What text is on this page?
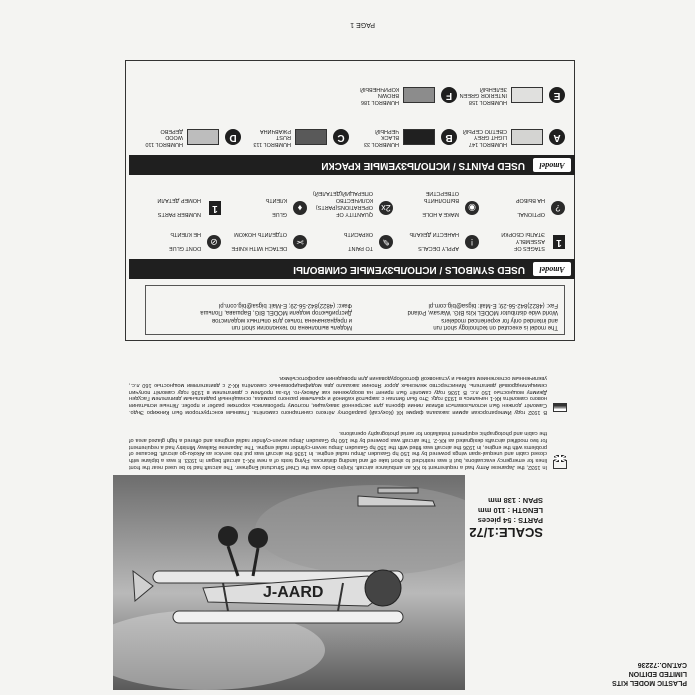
J-AARD
PLASTIC MODEL KITS
LIMITED EDITION
CAT.NO.:72236
SCALE:1/72
PARTS : 54 pieces
LENGTH : 110 mm
SPAN : 138 mm
In 1932, the Japanese Army had a requirement to KK an ambulance aircraft. Kinjiro Endo was the Chief Structural Engineer. The aircraft had to be used near the front lines for emergency evacuations, but it was restricted to short take off and landing distances. Flying tests of a new KK-1 aircraft began in 1933. It was a biplane with closed cabin and unequal-span wings powered by the 150 hp Gasuden Jimpu radial engine. In 1936 the aircraft was put into service as Aikoku-go aircraft. Because of problems with the engine, in 1936 the aircraft was fitted with the 150 hp Gasuden Jimpu seven-cylinder radial engine. The Japanese Railway Ministry had a requirement for two modified aircrafts designated as KK-2. The aircraft was powered by the 160 hp Gasuden Jimpu seven-cylinder radial engines and offered a high glazed area of the cabin and photographic equipment installation for aerial photography operations.
В 1932 году Императорская армия заказала фирме КК (Кокусай) разработку лёгкого санитарного самолёта. Главным конструктором был Кинжиро Эндо. Самолёт должен был использоваться вблизи линии фронта для экстренной эвакуации, поэтому требовались короткие разбег и пробег. Лётные испытания нового самолёта КК-1 начались в 1933 году. Это был биплан с закрытой кабиной и крыльями разного размаха, оснащённый радиальным двигателем Гасуден Джимпу мощностью 150 л.с. В 1936 году самолёт был принят на вооружение как Айкоку-го. Из-за проблем с двигателем в 1936 году самолёт получил семицилиндровый двигатель. Министерство железных дорог Японии заказало два модифицированных самолёта КК-2 с двигателями мощностью 160 л.с., увеличенным остеклением кабины и установкой фотооборудования для проведения аэрофотосъёмки.
The model is executed on technology short run
and intended only for experienced modelers
World wide distributor MODEL Kits BIG. Warsaw, Poland
Fax: (4822)842-56-29; E-Mail: bigsa@big.com.pl
Модель выполнена по технологии short run
и предназначена только для опытных моделистов
Дистрибьютор модели MODEL BIG, Варшава, Польша
Факс: (4822)842-56-29; E-Mail: bigsa@big.com.pl
Amodel
USED SYMBOLS / ИСПОЛЬЗУЕМЫЕ СИМВОЛЫ
1
STAGES OF ASSEMBLY
ЭТАПЫ СБОРКИ
!
APPLY DECALS
НАНЕСТИ ДЕКАЛЬ
✎
TO PAINT
ОКРАСИТЬ
✂
DETACH WITH KNIFE
ОТДЕЛИТЬ НОЖОМ
⊘
DONT GLUE
НЕ КЛЕИТЬ
?
OPTIONAL
НА ВЫБОР
◉
MAKE A HOLE
ВЫПОЛНИТЬ ОТВЕРСТИЕ
2x
QUANTITY OF OPERATIONS(PARTS)
КОЛИЧЕСТВО ОПЕРАЦИЙ(ДЕТАЛЕЙ)
♦
GLUE
КЛЕИТЬ
1
NUMBER PARTS
НОМЕР ДЕТАЛИ
Amodel
USED PAINTS / ИСПОЛЬЗУЕМЫЕ КРАСКИ
A
HUMBROL 147
LIGHT GREY
СВЕТЛО СЕРЫЙ
B
HUMBROL 33
BLACK
ЧЕРНЫЙ
C
HUMBROL 113
RUST
РЖАВЧИНА
D
HUMBROL 110
WOOD
ДЕРЕВО
E
HUMBROL 158
INTERIOR GREEN
ЗЕЛЕНЫЙ
F
HUMBROL 186
BROWN
КОРИЧНЕВЫЙ
PAGE 1
